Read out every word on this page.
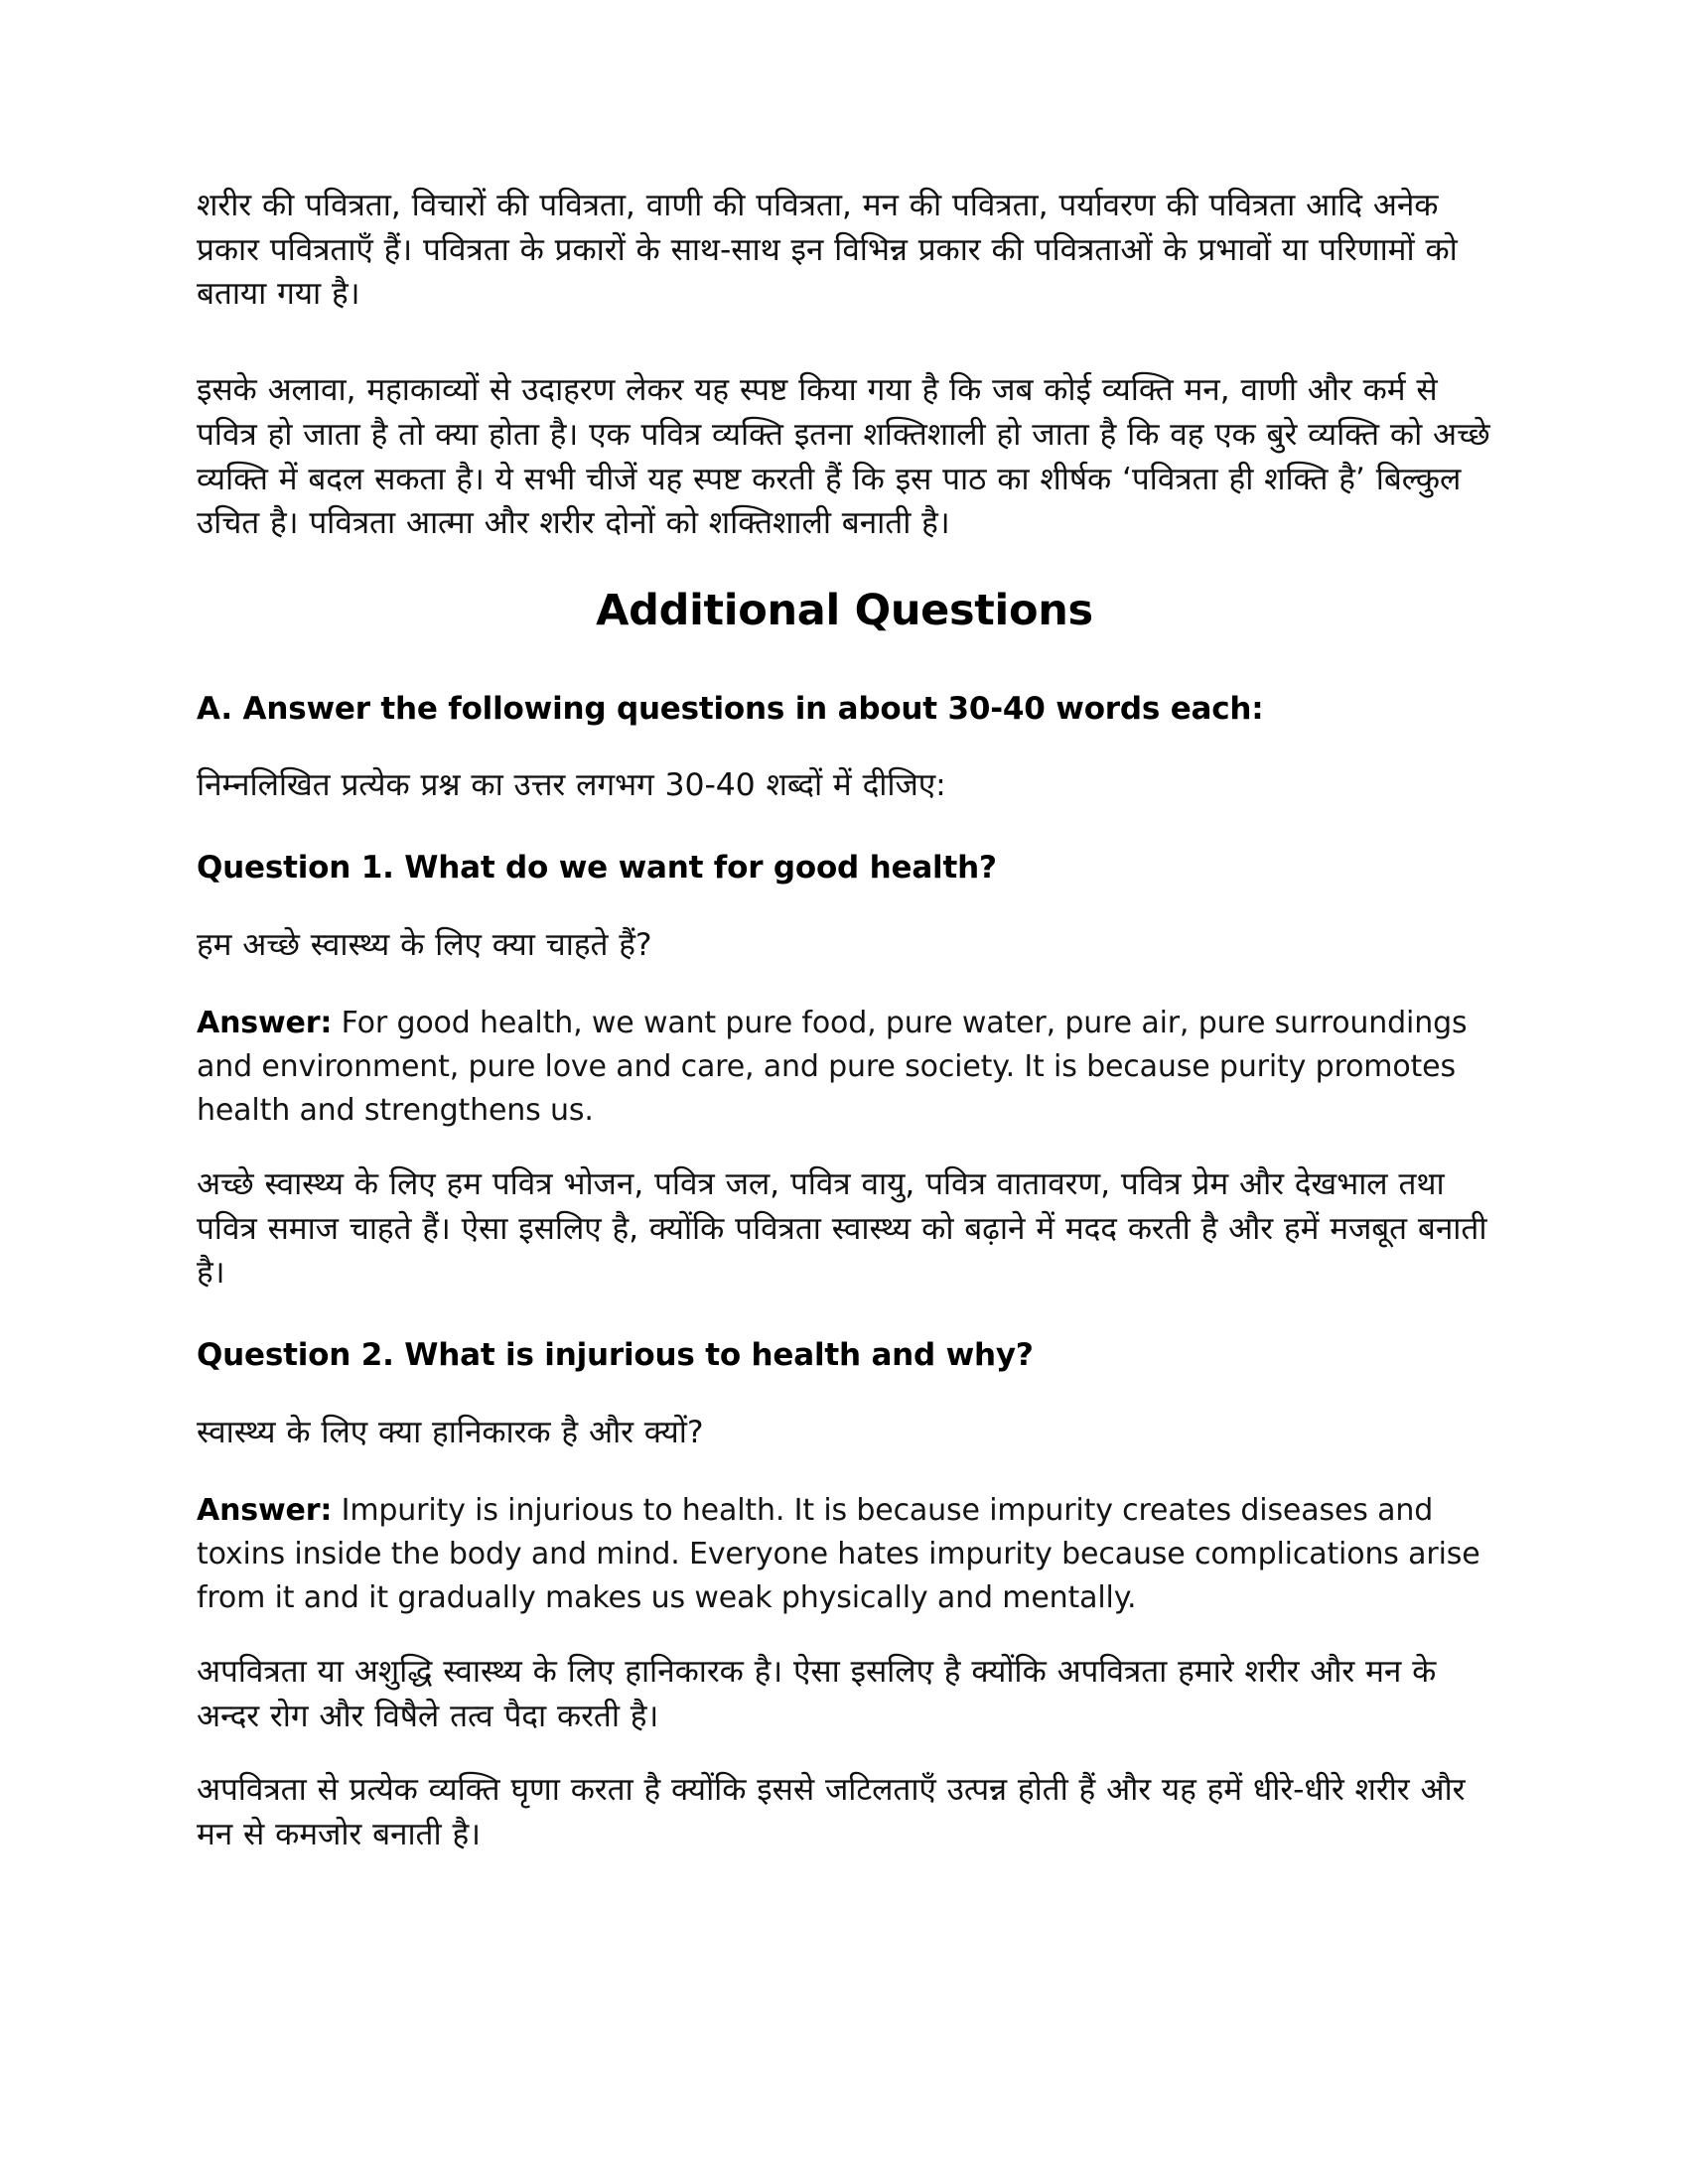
शरीर की पवित्रता, विचारों की पवित्रता, वाणी की पवित्रता, मन की पवित्रता, पर्यावरण की पवित्रता आदि अनेक प्रकार पवित्रताएँ हैं। पवित्रता के प्रकारों के साथ-साथ इन विभिन्न प्रकार की पवित्रताओं के प्रभावों या परिणामों को बताया गया है।

इसके अलावा, महाकाव्यों से उदाहरण लेकर यह स्पष्ट किया गया है कि जब कोई व्यक्ति मन, वाणी और कर्म से पवित्र हो जाता है तो क्या होता है। एक पवित्र व्यक्ति इतना शक्तिशाली हो जाता है कि वह एक बुरे व्यक्ति को अच्छे व्यक्ति में बदल सकता है। ये सभी चीजें यह स्पष्ट करती हैं कि इस पाठ का शीर्षक ‘पवित्रता ही शक्ति है’ बिल्कुल उचित है। पवित्रता आत्मा और शरीर दोनों को शक्तिशाली बनाती है।

Additional Questions
A. Answer the following questions in about 30-40 words each:

निम्नलिखित प्रत्येक प्रश्न का उत्तर लगभग 30-40 शब्दों में दीजिए:

Question 1. What do we want for good health?

हम अच्छे स्वास्थ्य के लिए क्या चाहते हैं?

Answer: For good health, we want pure food, pure water, pure air, pure surroundings and environment, pure love and care, and pure society. It is because purity promotes health and strengthens us.

अच्छे स्वास्थ्य के लिए हम पवित्र भोजन, पवित्र जल, पवित्र वायु, पवित्र वातावरण, पवित्र प्रेम और देखभाल तथा पवित्र समाज चाहते हैं। ऐसा इसलिए है, क्योंकि पवित्रता स्वास्थ्य को बढ़ाने में मदद करती है और हमें मजबूत बनाती है।

Question 2. What is injurious to health and why?

स्वास्थ्य के लिए क्या हानिकारक है और क्यों?

Answer: Impurity is injurious to health. It is because impurity creates diseases and toxins inside the body and mind. Everyone hates impurity because complications arise from it and it gradually makes us weak physically and mentally.

अपवित्रता या अशुद्धि स्वास्थ्य के लिए हानिकारक है। ऐसा इसलिए है क्योंकि अपवित्रता हमारे शरीर और मन के अन्दर रोग और विषैले तत्व पैदा करती है।

अपवित्रता से प्रत्येक व्यक्ति घृणा करता है क्योंकि इससे जटिलताएँ उत्पन्न होती हैं और यह हमें धीरे-धीरे शरीर और मन से कमजोर बनाती है।
